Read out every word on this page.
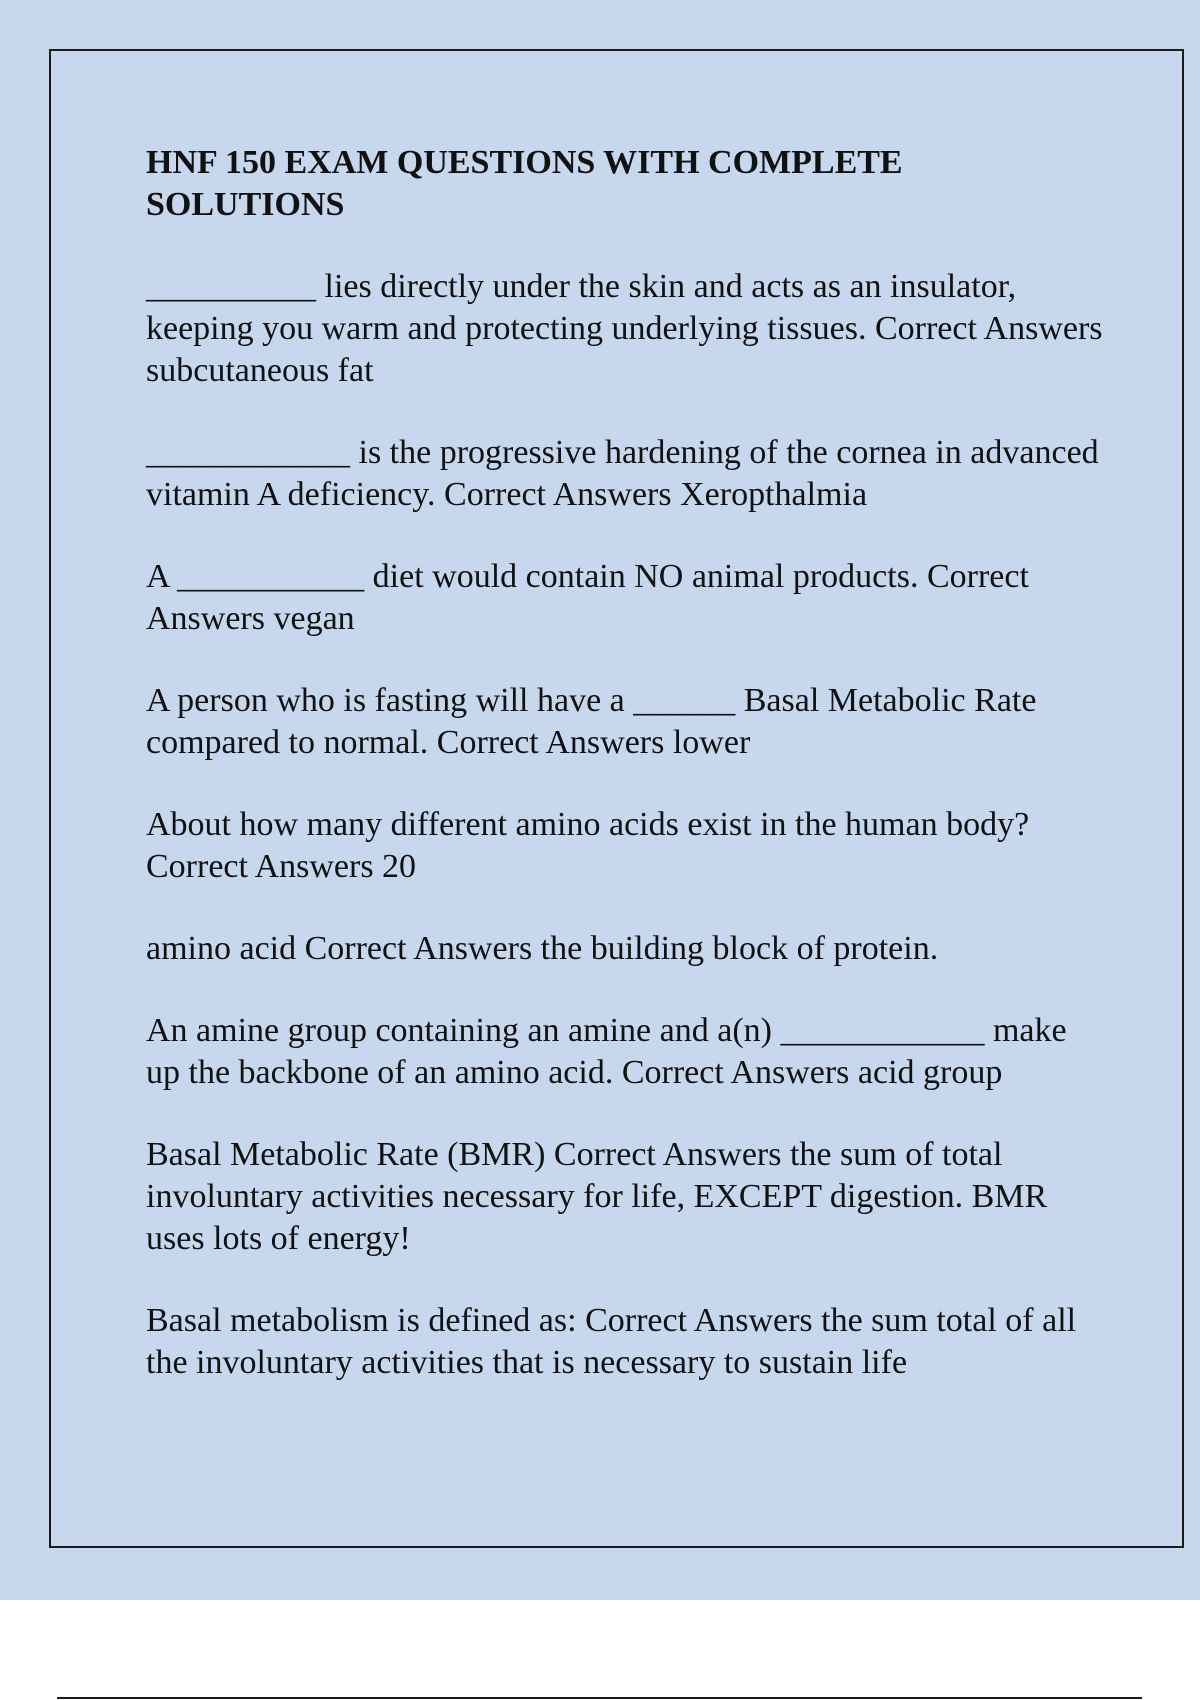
HNF 150 EXAM QUESTIONS WITH COMPLETE SOLUTIONS

__________ lies directly under the skin and acts as an insulator, keeping you warm and protecting underlying tissues. Correct Answers subcutaneous fat

____________ is the progressive hardening of the cornea in advanced vitamin A deficiency. Correct Answers Xeropthalmia

A ___________ diet would contain NO animal products. Correct Answers vegan

A person who is fasting will have a ______ Basal Metabolic Rate compared to normal. Correct Answers lower

About how many different amino acids exist in the human body? Correct Answers 20

amino acid Correct Answers the building block of protein.

An amine group containing an amine and a(n) ____________ make up the backbone of an amino acid. Correct Answers acid group

Basal Metabolic Rate (BMR) Correct Answers the sum of total involuntary activities necessary for life, EXCEPT digestion. BMR uses lots of energy!

Basal metabolism is defined as: Correct Answers the sum total of all the involuntary activities that is necessary to sustain life
